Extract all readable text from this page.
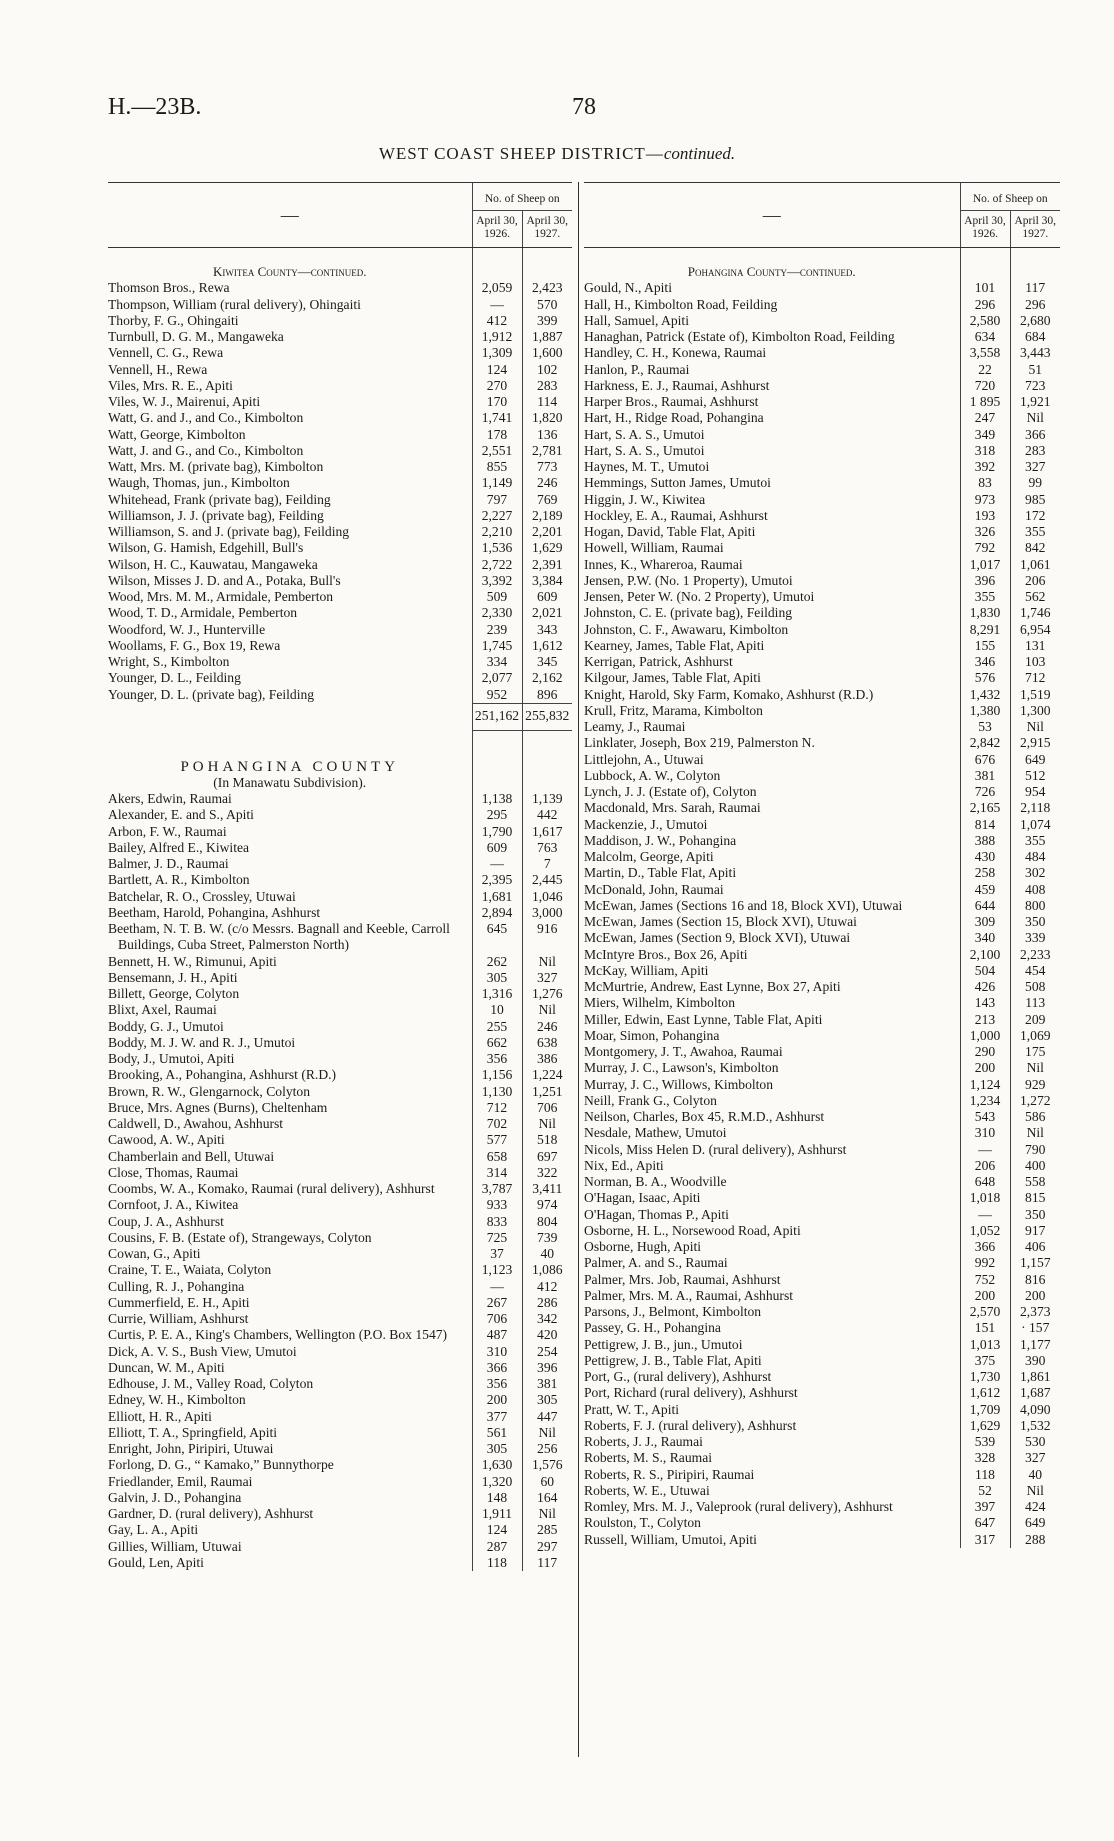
H.—23B.	78
WEST COAST SHEEP DISTRICT—continued.
—	No. of Sheep on	
	April 30, 1926.	April 30, 1927.
Kiwitea County—continued.		
Thomson Bros., Rewa	2,059	2,423
Thompson, William (rural delivery), Ohingaiti	—	570
Thorby, F. G., Ohingaiti	412	399
Turnbull, D. G. M., Mangaweka	1,912	1,887
Vennell, C. G., Rewa	1,309	1,600
Vennell, H., Rewa	124	102
Viles, Mrs. R. E., Apiti	270	283
Viles, W. J., Mairenui, Apiti	170	114
Watt, G. and J., and Co., Kimbolton	1,741	1,820
Watt, George, Kimbolton	178	136
Watt, J. and G., and Co., Kimbolton	2,551	2,781
Watt, Mrs. M. (private bag), Kimbolton	855	773
Waugh, Thomas, jun., Kimbolton	1,149	246
Whitehead, Frank (private bag), Feilding	797	769
Williamson, J. J. (private bag), Feilding	2,227	2,189
Williamson, S. and J. (private bag), Feilding	2,210	2,201
Wilson, G. Hamish, Edgehill, Bull's	1,536	1,629
Wilson, H. C., Kauwatau, Mangaweka	2,722	2,391
Wilson, Misses J. D. and A., Potaka, Bull's	3,392	3,384
Wood, Mrs. M. M., Armidale, Pemberton	509	609
Wood, T. D., Armidale, Pemberton	2,330	2,021
Woodford, W. J., Hunterville	239	343
Woollams, F. G., Box 19, Rewa	1,745	1,612
Wright, S., Kimbolton	334	345
Younger, D. L., Feilding	2,077	2,162
Younger, D. L. (private bag), Feilding	952	896
	251,162	255,832
POHANGINA COUNTY		
(In Manawatu Subdivision).		
Akers, Edwin, Raumai	1,138	1,139
Alexander, E. and S., Apiti	295	442
Arbon, F. W., Raumai	1,790	1,617
Bailey, Alfred E., Kiwitea	609	763
Balmer, J. D., Raumai	—	7
Bartlett, A. R., Kimbolton	2,395	2,445
Batchelar, R. O., Crossley, Utuwai	1,681	1,046
Beetham, Harold, Pohangina, Ashhurst	2,894	3,000
Beetham, N. T. B. W. (c/o Messrs. Bagnall and Keeble, Carroll Buildings, Cuba Street, Palmerston North)	645	916
Bennett, H. W., Rimunui, Apiti	262	Nil
Bensemann, J. H., Apiti	305	327
Billett, George, Colyton	1,316	1,276
Blixt, Axel, Raumai	10	Nil
Boddy, G. J., Umutoi	255	246
Boddy, M. J. W. and R. J., Umutoi	662	638
Body, J., Umutoi, Apiti	356	386
Brooking, A., Pohangina, Ashhurst (R.D.)	1,156	1,224
Brown, R. W., Glengarnock, Colyton	1,130	1,251
Bruce, Mrs. Agnes (Burns), Cheltenham	712	706
Caldwell, D., Awahou, Ashhurst	702	Nil
Cawood, A. W., Apiti	577	518
Chamberlain and Bell, Utuwai	658	697
Close, Thomas, Raumai	314	322
Coombs, W. A., Komako, Raumai (rural delivery), Ashhurst	3,787	3,411
Cornfoot, J. A., Kiwitea	933	974
Coup, J. A., Ashhurst	833	804
Cousins, F. B. (Estate of), Strangeways, Colyton	725	739
Cowan, G., Apiti	37	40
Craine, T. E., Waiata, Colyton	1,123	1,086
Culling, R. J., Pohangina	—	412
Cummerfield, E. H., Apiti	267	286
Currie, William, Ashhurst	706	342
Curtis, P. E. A., King's Chambers, Wellington (P.O. Box 1547)	487	420
Dick, A. V. S., Bush View, Umutoi	310	254
Duncan, W. M., Apiti	366	396
Edhouse, J. M., Valley Road, Colyton	356	381
Edney, W. H., Kimbolton	200	305
Elliott, H. R., Apiti	377	447
Elliott, T. A., Springfield, Apiti	561	Nil
Enright, John, Piripiri, Utuwai	305	256
Forlong, D. G., “ Kamako,” Bunnythorpe	1,630	1,576
Friedlander, Emil, Raumai	1,320	60
Galvin, J. D., Pohangina	148	164
Gardner, D. (rural delivery), Ashhurst	1,911	Nil
Gay, L. A., Apiti	124	285
Gillies, William, Utuwai	287	297
Gould, Len, Apiti	118	117
—	No. of Sheep on	
	April 30, 1926.	April 30, 1927.
Pohangina County—continued.		
Gould, N., Apiti	101	117
Hall, H., Kimbolton Road, Feilding	296	296
Hall, Samuel, Apiti	2,580	2,680
Hanaghan, Patrick (Estate of), Kimbolton Road, Feilding	634	684
Handley, C. H., Konewa, Raumai	3,558	3,443
Hanlon, P., Raumai	22	51
Harkness, E. J., Raumai, Ashhurst	720	723
Harper Bros., Raumai, Ashhurst	1 895	1,921
Hart, H., Ridge Road, Pohangina	247	Nil
Hart, S. A. S., Umutoi	349	366
Hart, S. A. S., Umutoi	318	283
Haynes, M. T., Umutoi	392	327
Hemmings, Sutton James, Umutoi	83	99
Higgin, J. W., Kiwitea	973	985
Hockley, E. A., Raumai, Ashhurst	193	172
Hogan, David, Table Flat, Apiti	326	355
Howell, William, Raumai	792	842
Innes, K., Whareroa, Raumai	1,017	1,061
Jensen, P.W. (No. 1 Property), Umutoi	396	206
Jensen, Peter W. (No. 2 Property), Umutoi	355	562
Johnston, C. E. (private bag), Feilding	1,830	1,746
Johnston, C. F., Awawaru, Kimbolton	8,291	6,954
Kearney, James, Table Flat, Apiti	155	131
Kerrigan, Patrick, Ashhurst	346	103
Kilgour, James, Table Flat, Apiti	576	712
Knight, Harold, Sky Farm, Komako, Ashhurst (R.D.)	1,432	1,519
Krull, Fritz, Marama, Kimbolton	1,380	1,300
Leamy, J., Raumai	53	Nil
Linklater, Joseph, Box 219, Palmerston N.	2,842	2,915
Littlejohn, A., Utuwai	676	649
Lubbock, A. W., Colyton	381	512
Lynch, J. J. (Estate of), Colyton	726	954
Macdonald, Mrs. Sarah, Raumai	2,165	2,118
Mackenzie, J., Umutoi	814	1,074
Maddison, J. W., Pohangina	388	355
Malcolm, George, Apiti	430	484
Martin, D., Table Flat, Apiti	258	302
McDonald, John, Raumai	459	408
McEwan, James (Sections 16 and 18, Block XVI), Utuwai	644	800
McEwan, James (Section 15, Block XVI), Utuwai	309	350
McEwan, James (Section 9, Block XVI), Utuwai	340	339
McIntyre Bros., Box 26, Apiti	2,100	2,233
McKay, William, Apiti	504	454
McMurtrie, Andrew, East Lynne, Box 27, Apiti	426	508
Miers, Wilhelm, Kimbolton	143	113
Miller, Edwin, East Lynne, Table Flat, Apiti	213	209
Moar, Simon, Pohangina	1,000	1,069
Montgomery, J. T., Awahoa, Raumai	290	175
Murray, J. C., Lawson's, Kimbolton	200	Nil
Murray, J. C., Willows, Kimbolton	1,124	929
Neill, Frank G., Colyton	1,234	1,272
Neilson, Charles, Box 45, R.M.D., Ashhurst	543	586
Nesdale, Mathew, Umutoi	310	Nil
Nicols, Miss Helen D. (rural delivery), Ashhurst	—	790
Nix, Ed., Apiti	206	400
Norman, B. A., Woodville	648	558
O'Hagan, Isaac, Apiti	1,018	815
O'Hagan, Thomas P., Apiti	—	350
Osborne, H. L., Norsewood Road, Apiti	1,052	917
Osborne, Hugh, Apiti	366	406
Palmer, A. and S., Raumai	992	1,157
Palmer, Mrs. Job, Raumai, Ashhurst	752	816
Palmer, Mrs. M. A., Raumai, Ashhurst	200	200
Parsons, J., Belmont, Kimbolton	2,570	2,373
Passey, G. H., Pohangina	151	· 157
Pettigrew, J. B., jun., Umutoi	1,013	1,177
Pettigrew, J. B., Table Flat, Apiti	375	390
Port, G., (rural delivery), Ashhurst	1,730	1,861
Port, Richard (rural delivery), Ashhurst	1,612	1,687
Pratt, W. T., Apiti	1,709	4,090
Roberts, F. J. (rural delivery), Ashhurst	1,629	1,532
Roberts, J. J., Raumai	539	530
Roberts, M. S., Raumai	328	327
Roberts, R. S., Piripiri, Raumai	118	40
Roberts, W. E., Utuwai	52	Nil
Romley, Mrs. M. J., Valeprook (rural delivery), Ashhurst	397	424
Roulston, T., Colyton	647	649
Russell, William, Umutoi, Apiti	317	288
